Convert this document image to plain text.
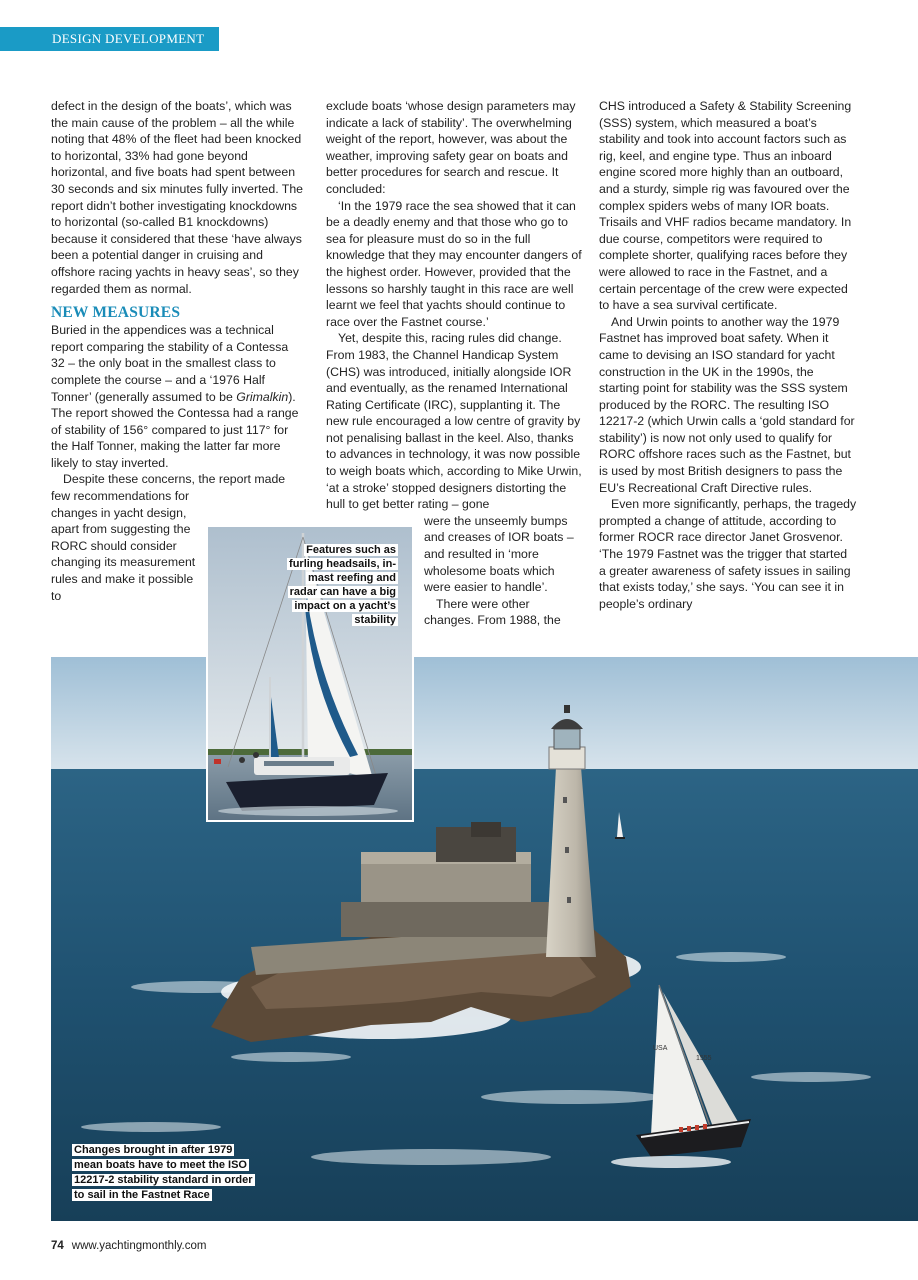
DESIGN DEVELOPMENT

defect in the design of the boats’, which was the main cause of the problem – all the while noting that 48% of the fleet had been knocked to horizontal, 33% had gone beyond horizontal, and five boats had spent between 30 seconds and six minutes fully inverted. The report didn’t bother investigating knockdowns to horizontal (so-called B1 knockdowns) because it considered that these ‘have always been a potential danger in cruising and offshore racing yachts in heavy seas’, so they regarded them as normal.

NEW MEASURES

Buried in the appendices was a technical report comparing the stability of a Contessa 32 – the only boat in the smallest class to complete the course – and a ‘1976 Half Tonner’ (generally assumed to be Grimalkin). The report showed the Contessa had a range of stability of 156° compared to just 117° for the Half Tonner, making the latter far more likely to stay inverted.

Despite these concerns, the report made

few recommendations for changes in yacht design, apart from suggesting the RORC should consider changing its measurement rules and make it possible to

exclude boats ‘whose design parameters may indicate a lack of stability’. The overwhelming weight of the report, however, was about the weather, improving safety gear on boats and better procedures for search and rescue. It concluded:

‘In the 1979 race the sea showed that it can be a deadly enemy and that those who go to sea for pleasure must do so in the full knowledge that they may encounter dangers of the highest order. However, provided that the lessons so harshly taught in this race are well learnt we feel that yachts should continue to race over the Fastnet course.’

Yet, despite this, racing rules did change. From 1983, the Channel Handicap System (CHS) was introduced, initially alongside IOR and eventually, as the renamed International Rating Certificate (IRC), supplanting it. The new rule encouraged a low centre of gravity by not penalising ballast in the keel. Also, thanks to advances in technology, it was now possible to weigh boats which, according to Mike Urwin, ‘at a stroke’ stopped designers distorting the hull to get better rating – gone

were the unseemly bumps and creases of IOR boats – and resulted in ‘more wholesome boats which were easier to handle’.

There were other changes. From 1988, the

CHS introduced a Safety & Stability Screening (SSS) system, which measured a boat’s stability and took into account factors such as rig, keel, and engine type. Thus an inboard engine scored more highly than an outboard, and a sturdy, simple rig was favoured over the complex spiders webs of many IOR boats. Trisails and VHF radios became mandatory. In due course, competitors were required to complete shorter, qualifying races before they were allowed to race in the Fastnet, and a certain percentage of the crew were expected to have a sea survival certificate.

And Urwin points to another way the 1979 Fastnet has improved boat safety. When it came to devising an ISO standard for yacht construction in the UK in the 1990s, the starting point for stability was the SSS system produced by the RORC. The resulting ISO 12217-2 (which Urwin calls a ‘gold standard for stability’) is now not only used to qualify for RORC offshore races such as the Fastnet, but is used by most British designers to pass the EU’s Recreational Craft Directive rules.

Even more significantly, perhaps, the tragedy prompted a change of attitude, according to former ROCR race director Janet Grosvenor. ‘The 1979 Fastnet was the trigger that started a greater awareness of safety issues in sailing that exists today,’ she says. ‘You can see it in people’s ordinary

USA
1555
Features such as furling headsails, in-mast reefing and radar can have a big impact on a yacht’s stability
Changes brought in after 1979 mean boats have to meet the ISO 12217-2 stability standard in order to sail in the Fastnet Race
74 www.yachtingmonthly.com
